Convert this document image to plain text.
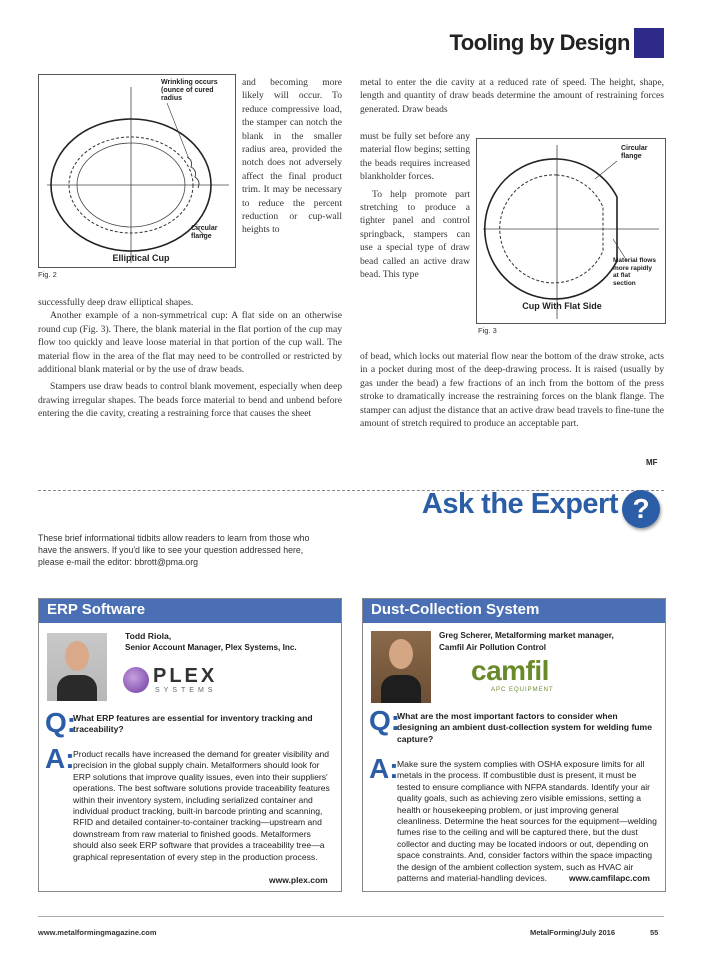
Tooling by Design
Wrinkling occurs
(ounce of cured
radius
Circular
flange
Elliptical Cup
Fig. 2

and becoming more likely will occur. To reduce compressive load, the stamper can notch the blank in the smaller radius area, provided the notch does not adversely affect the final product trim. It may be necessary to reduce the percent reduction or cup-wall heights to

successfully deep draw elliptical shapes.

Another example of a non-symmetrical cup: A flat side on an otherwise round cup (Fig. 3). There, the blank material in the flat portion of the cup may flow too quickly and leave loose material in that portion of the cup wall. The material flow in the area of the flat may need to be controlled or restricted by additional blank material or by the use of draw beads.

Stampers use draw beads to control blank movement, especially when deep drawing irregular shapes. The beads force material to bend and unbend before entering the die cavity, creating a restraining force that causes the sheet

metal to enter the die cavity at a reduced rate of speed. The height, shape, length and quantity of draw beads determine the amount of restraining forces generated. Draw beads

must be fully set before any material flow begins; setting the beads requires increased blankholder forces.

To help promote part stretching to produce a tighter panel and control springback, stampers can use a special type of draw bead called an active draw bead. This type

Circular
flange
Material flows
more rapidly
at flat
section
Cup With Flat Side
Fig. 3

of bead, which locks out material flow near the bottom of the draw stroke, acts in a pocket during most of the deep-drawing process. It is raised (usually by gas under the bead) a few fractions of an inch from the bottom of the press stroke to dramatically increase the restraining forces on the blank flange. The stamper can adjust the distance that an active draw bead travels to fine-tune the amount of stretch required to produce an acceptable part.

MF
Ask the Expert ?
These brief informational tidbits allow readers to learn from those who have the answers. If you'd like to see your question addressed here, please e-mail the editor: bbrott@pma.org
ERP Software
Todd Riola,
Senior Account Manager, Plex Systems, Inc.
PLEX
SYSTEMS
Q:
What ERP features are essential for inventory tracking and traceability?
A:
Product recalls have increased the demand for greater visibility and precision in the global supply chain. Metalformers should look for ERP solutions that improve quality issues, even into their suppliers' operations. The best software solutions provide traceability features within their inventory system, including serialized container and individual product tracking, built-in barcode printing and scanning, RFID and detailed container-to-container tracking—upstream and downstream from raw material to finished goods. Metalformers should also seek ERP software that provides a traceability tree—a graphical representation of every step in the production process.
www.plex.com
Dust-Collection System
Greg Scherer, Metalforming market manager,
Camfil Air Pollution Control
camfil
APC EQUIPMENT
Q:
What are the most important factors to consider when designing an ambient dust-collection system for welding fume capture?
A:
Make sure the system complies with OSHA exposure limits for all metals in the process. If combustible dust is present, it must be tested to ensure compliance with NFPA standards. Identify your air quality goals, such as achieving zero visible emissions, setting a health or housekeeping problem, or just improving general cleanliness. Determine the heat sources for the equipment—welding fumes rise to the ceiling and will be captured there, but the dust collector and ducting may be located indoors or out, depending on space constraints. And, consider factors within the space impacting the design of the ambient collection system, such as HVAC air patterns and material-handling devices.	www.camfilapc.com
www.metalformingmagazine.com	MetalForming/July 2016	55
